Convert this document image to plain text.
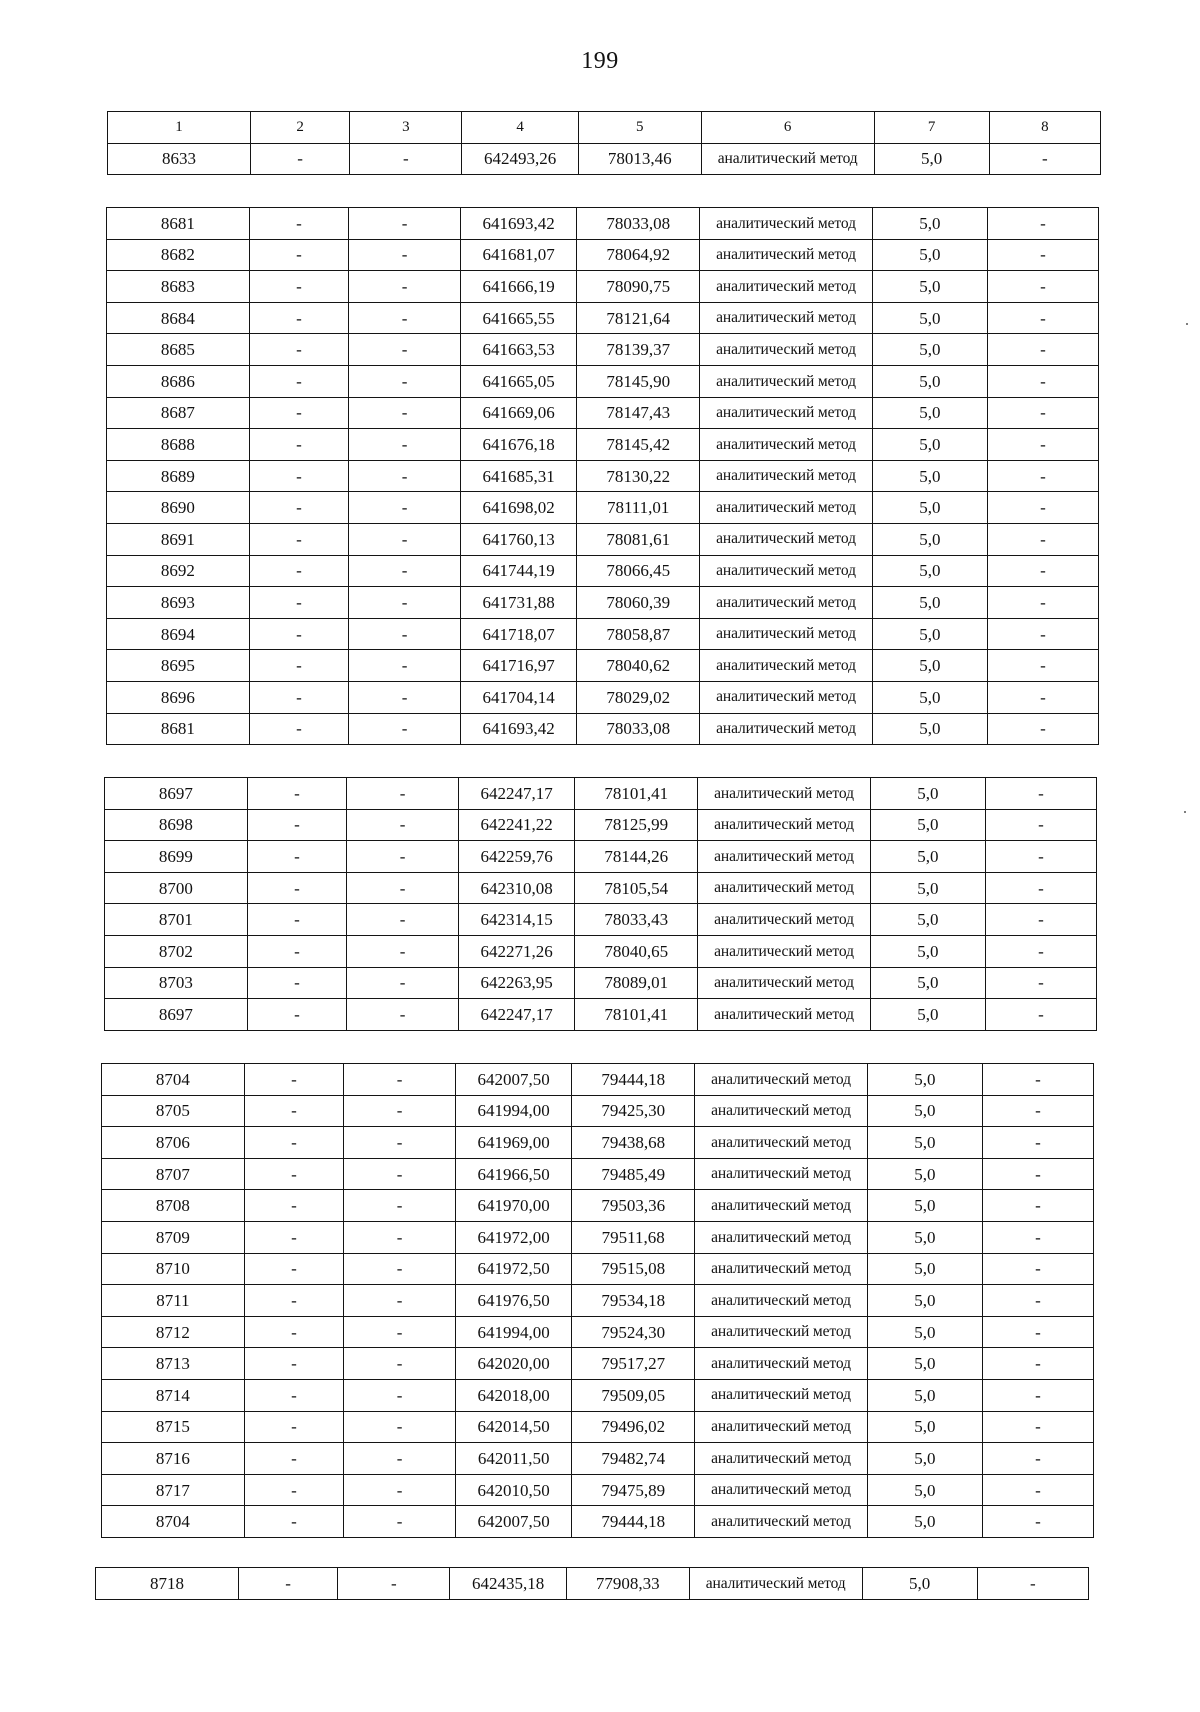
199
1	2	3	4	5	6	7	8
8633	-	-	642493,26	78013,46	аналитический метод	5,0	-
8681	-	-	641693,42	78033,08	аналитический метод	5,0	-
8682	-	-	641681,07	78064,92	аналитический метод	5,0	-
8683	-	-	641666,19	78090,75	аналитический метод	5,0	-
8684	-	-	641665,55	78121,64	аналитический метод	5,0	-
8685	-	-	641663,53	78139,37	аналитический метод	5,0	-
8686	-	-	641665,05	78145,90	аналитический метод	5,0	-
8687	-	-	641669,06	78147,43	аналитический метод	5,0	-
8688	-	-	641676,18	78145,42	аналитический метод	5,0	-
8689	-	-	641685,31	78130,22	аналитический метод	5,0	-
8690	-	-	641698,02	78111,01	аналитический метод	5,0	-
8691	-	-	641760,13	78081,61	аналитический метод	5,0	-
8692	-	-	641744,19	78066,45	аналитический метод	5,0	-
8693	-	-	641731,88	78060,39	аналитический метод	5,0	-
8694	-	-	641718,07	78058,87	аналитический метод	5,0	-
8695	-	-	641716,97	78040,62	аналитический метод	5,0	-
8696	-	-	641704,14	78029,02	аналитический метод	5,0	-
8681	-	-	641693,42	78033,08	аналитический метод	5,0	-
8697	-	-	642247,17	78101,41	аналитический метод	5,0	-
8698	-	-	642241,22	78125,99	аналитический метод	5,0	-
8699	-	-	642259,76	78144,26	аналитический метод	5,0	-
8700	-	-	642310,08	78105,54	аналитический метод	5,0	-
8701	-	-	642314,15	78033,43	аналитический метод	5,0	-
8702	-	-	642271,26	78040,65	аналитический метод	5,0	-
8703	-	-	642263,95	78089,01	аналитический метод	5,0	-
8697	-	-	642247,17	78101,41	аналитический метод	5,0	-
8704	-	-	642007,50	79444,18	аналитический метод	5,0	-
8705	-	-	641994,00	79425,30	аналитический метод	5,0	-
8706	-	-	641969,00	79438,68	аналитический метод	5,0	-
8707	-	-	641966,50	79485,49	аналитический метод	5,0	-
8708	-	-	641970,00	79503,36	аналитический метод	5,0	-
8709	-	-	641972,00	79511,68	аналитический метод	5,0	-
8710	-	-	641972,50	79515,08	аналитический метод	5,0	-
8711	-	-	641976,50	79534,18	аналитический метод	5,0	-
8712	-	-	641994,00	79524,30	аналитический метод	5,0	-
8713	-	-	642020,00	79517,27	аналитический метод	5,0	-
8714	-	-	642018,00	79509,05	аналитический метод	5,0	-
8715	-	-	642014,50	79496,02	аналитический метод	5,0	-
8716	-	-	642011,50	79482,74	аналитический метод	5,0	-
8717	-	-	642010,50	79475,89	аналитический метод	5,0	-
8704	-	-	642007,50	79444,18	аналитический метод	5,0	-
8718	-	-	642435,18	77908,33	аналитический метод	5,0	-
